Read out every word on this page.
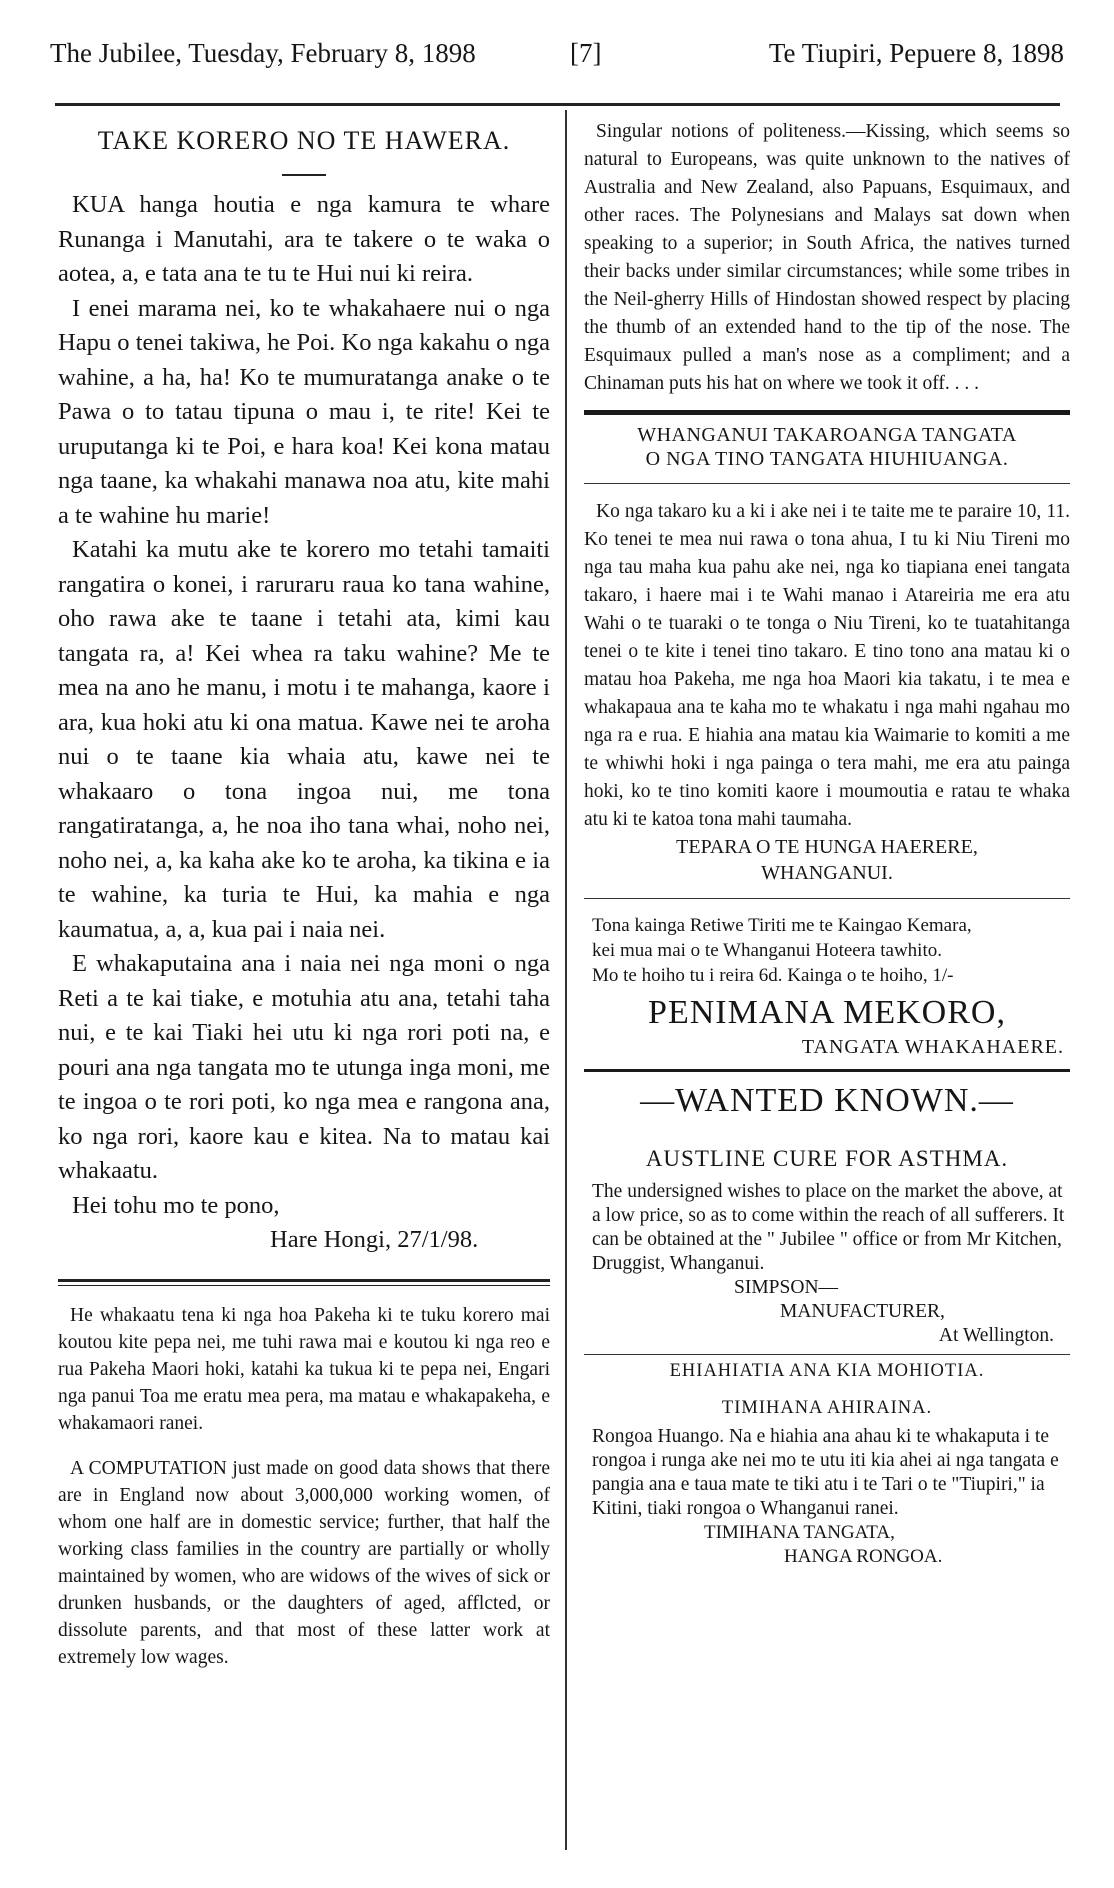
The Jubilee, Tuesday, February 8, 1898	[7]	Te Tiupiri, Pepuere 8, 1898
TAKE KORERO NO TE HAWERA.

KUA hanga houtia e nga kamura te whare Runanga i Manutahi, ara te takere o te waka o aotea, a, e tata ana te tu te Hui nui ki reira.

I enei marama nei, ko te whakahaere nui o nga Hapu o tenei takiwa, he Poi. Ko nga kakahu o nga wahine, a ha, ha! Ko te mumuratanga anake o te Pawa o to tatau tipuna o mau i, te rite! Kei te uruputanga ki te Poi, e hara koa! Kei kona matau nga taane, ka whakahi manawa noa atu, kite mahi a te wahine hu marie!

Katahi ka mutu ake te korero mo tetahi tamaiti rangatira o konei, i raruraru raua ko tana wahine, oho rawa ake te taane i tetahi ata, kimi kau tangata ra, a! Kei whea ra taku wahine? Me te mea na ano he manu, i motu i te mahanga, kaore i ara, kua hoki atu ki ona matua. Kawe nei te aroha nui o te taane kia whaia atu, kawe nei te whakaaro o tona ingoa nui, me tona rangatiratanga, a, he noa iho tana whai, noho nei, noho nei, a, ka kaha ake ko te aroha, ka tikina e ia te wahine, ka turia te Hui, ka mahia e nga kaumatua, a, a, kua pai i naia nei.

E whakaputaina ana i naia nei nga moni o nga Reti a te kai tiake, e motuhia atu ana, tetahi taha nui, e te kai Tiaki hei utu ki nga rori poti na, e pouri ana nga tangata mo te utunga inga moni, me te ingoa o te rori poti, ko nga mea e rangona ana, ko nga rori, kaore kau e kitea. Na to matau kai whakaatu.

Hei tohu mo te pono,

Hare Hongi, 27/1/98.

He whakaatu tena ki nga hoa Pakeha ki te tuku korero mai koutou kite pepa nei, me tuhi rawa mai e koutou ki nga reo e rua Pakeha Maori hoki, katahi ka tukua ki te pepa nei, Engari nga panui Toa me eratu mea pera, ma matau e whakapakeha, e whakamaori ranei.

A COMPUTATION just made on good data shows that there are in England now about 3,000,000 working women, of whom one half are in domestic service; further, that half the working class families in the country are partially or wholly maintained by women, who are widows of the wives of sick or drunken husbands, or the daughters of aged, afflcted, or dissolute parents, and that most of these latter work at extremely low wages.

Singular notions of politeness.—Kissing, which seems so natural to Europeans, was quite unknown to the natives of Australia and New Zealand, also Papuans, Esquimaux, and other races. The Polynesians and Malays sat down when speaking to a superior; in South Africa, the natives turned their backs under similar circumstances; while some tribes in the Neil-gherry Hills of Hindostan showed respect by placing the thumb of an extended hand to the tip of the nose. The Esquimaux pulled a man's nose as a compliment; and a Chinaman puts his hat on where we took it off. . . .

WHANGANUI TAKAROANGA TANGATA

O NGA TINO TANGATA HIUHIUANGA.

Ko nga takaro ku a ki i ake nei i te taite me te paraire 10, 11. Ko tenei te mea nui rawa o tona ahua, I tu ki Niu Tireni mo nga tau maha kua pahu ake nei, nga ko tiapiana enei tangata takaro, i haere mai i te Wahi manao i Atareiria me era atu Wahi o te tuaraki o te tonga o Niu Tireni, ko te tuatahitanga tenei o te kite i tenei tino takaro. E tino tono ana matau ki o matau hoa Pakeha, me nga hoa Maori kia takatu, i te mea e whakapaua ana te kaha mo te whakatu i nga mahi ngahau mo nga ra e rua. E hiahia ana matau kia Waimarie to komiti a me te whiwhi hoki i nga painga o tera mahi, me era atu painga hoki, ko te tino komiti kaore i moumoutia e ratau te whaka atu ki te katoa tona mahi taumaha.

TEPARA O TE HUNGA HAERERE,

WHANGANUI.

Tona kainga Retiwe Tiriti me te Kaingao Kemara,

kei mua mai o te Whanganui Hoteera tawhito.

Mo te hoiho tu i reira 6d. Kainga o te hoiho, 1/-

PENIMANA MEKORO,
TANGATA WHAKAHAERE.
—WANTED KNOWN.—
AUSTLINE CURE FOR ASTHMA.

The undersigned wishes to place on the market the above, at a low price, so as to come within the reach of all sufferers. It can be obtained at the " Jubilee " office or from Mr Kitchen, Druggist, Whanganui.

SIMPSON—

MANUFACTURER,

At Wellington.

EHIAHIATIA ANA KIA MOHIOTIA.
TIMIHANA AHIRAINA.

Rongoa Huango. Na e hiahia ana ahau ki te whakaputa i te rongoa i runga ake nei mo te utu iti kia ahei ai nga tangata e pangia ana e taua mate te tiki atu i te Tari o te "Tiupiri," ia Kitini, tiaki rongoa o Whanganui ranei.

TIMIHANA TANGATA,

HANGA RONGOA.
